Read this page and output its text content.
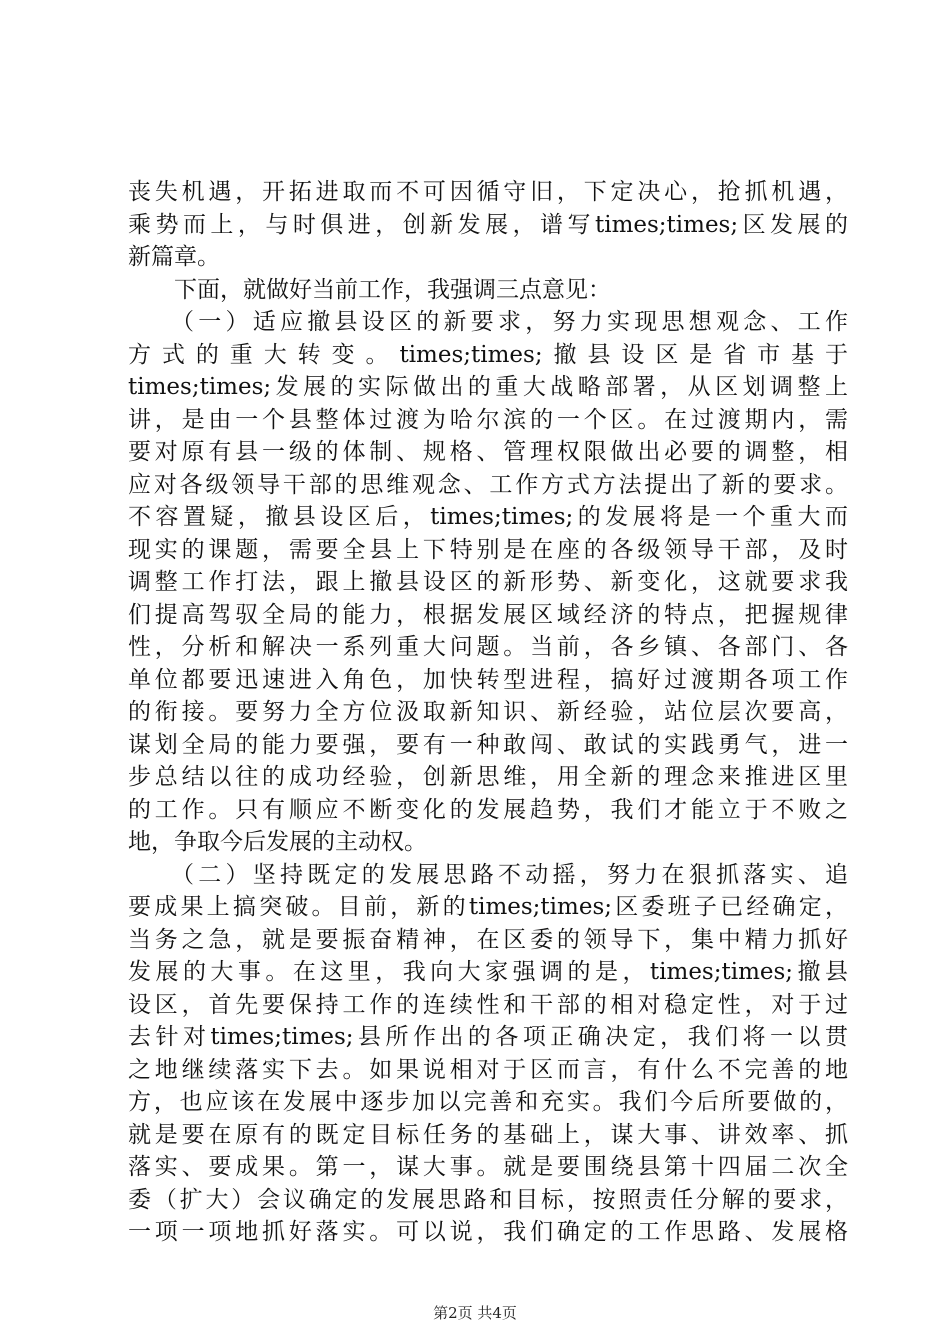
丧失机遇，开拓进取而不可因循守旧，下定决心，抢抓机遇，
乘势而上，与时俱进，创新发展，谱写times;times;区发展的
新篇章。
　　下面，就做好当前工作，我强调三点意见：
　　（一）适应撤县设区的新要求，努力实现思想观念、工作
方式的重大转变。times;times;撤县设区是省市基于
times;times;发展的实际做出的重大战略部署，从区划调整上
讲，是由一个县整体过渡为哈尔滨的一个区。在过渡期内，需
要对原有县一级的体制、规格、管理权限做出必要的调整，相
应对各级领导干部的思维观念、工作方式方法提出了新的要求。
不容置疑，撤县设区后，times;times;的发展将是一个重大而
现实的课题，需要全县上下特别是在座的各级领导干部，及时
调整工作打法，跟上撤县设区的新形势、新变化，这就要求我
们提高驾驭全局的能力，根据发展区域经济的特点，把握规律
性，分析和解决一系列重大问题。当前，各乡镇、各部门、各
单位都要迅速进入角色，加快转型进程，搞好过渡期各项工作
的衔接。要努力全方位汲取新知识、新经验，站位层次要高，
谋划全局的能力要强，要有一种敢闯、敢试的实践勇气，进一
步总结以往的成功经验，创新思维，用全新的理念来推进区里
的工作。只有顺应不断变化的发展趋势，我们才能立于不败之
地，争取今后发展的主动权。
　　（二）坚持既定的发展思路不动摇，努力在狠抓落实、追
要成果上搞突破。目前，新的times;times;区委班子已经确定，
当务之急，就是要振奋精神，在区委的领导下，集中精力抓好
发展的大事。在这里，我向大家强调的是，times;times;撤县
设区，首先要保持工作的连续性和干部的相对稳定性，对于过
去针对times;times;县所作出的各项正确决定，我们将一以贯
之地继续落实下去。如果说相对于区而言，有什么不完善的地
方，也应该在发展中逐步加以完善和充实。我们今后所要做的，
就是要在原有的既定目标任务的基础上，谋大事、讲效率、抓
落实、要成果。第一，谋大事。就是要围绕县第十四届二次全
委（扩大）会议确定的发展思路和目标，按照责任分解的要求，
一项一项地抓好落实。可以说，我们确定的工作思路、发展格
第2页 共4页
